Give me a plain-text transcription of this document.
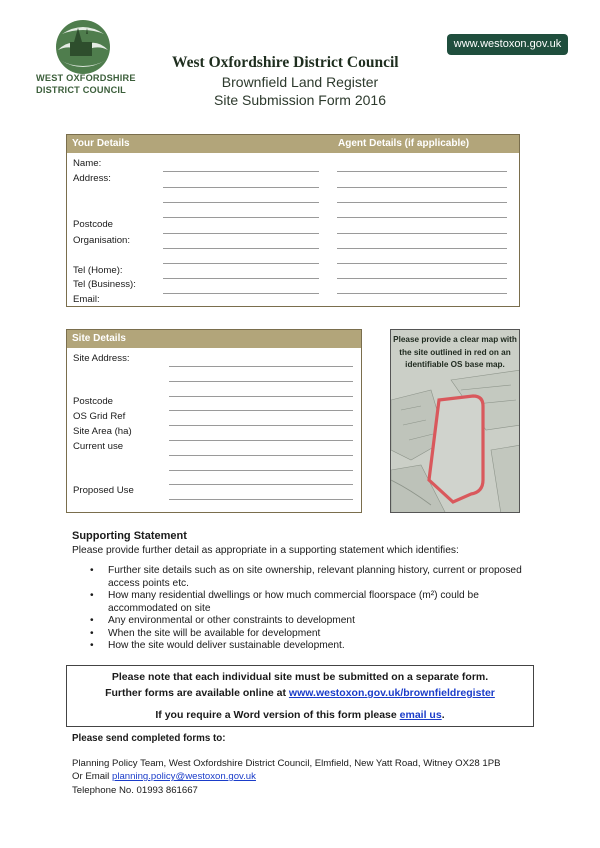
WEST OXFORDSHIRE
DISTRICT COUNCIL
www.westoxon.gov.uk
West Oxfordshire District Council
Brownfield Land Register
Site Submission Form 2016
Your Details	Agent Details (if applicable)
Name:
Address:
Postcode
Organisation:
Tel (Home):
Tel (Business):
Email:
Site Details
Site Address:
Postcode
OS Grid Ref
Site Area (ha)
Current use
Proposed Use
Please provide a clear map with the site outlined in red on an identifiable OS base map.
Supporting Statement
Please provide further detail as appropriate in a supporting statement which identifies:
• Further site details such as on site ownership, relevant planning history, current or proposed access points etc.
• How many residential dwellings or how much commercial floorspace (m²) could be accommodated on site
• Any environmental or other constraints to development
• When the site will be available for development
• How the site would deliver sustainable development.
Please note that each individual site must be submitted on a separate form.
Further forms are available online at www.westoxon.gov.uk/brownfieldregister
If you require a Word version of this form please email us.
Please send completed forms to:
Planning Policy Team, West Oxfordshire District Council, Elmfield, New Yatt Road, Witney OX28 1PB
Or Email planning.policy@westoxon.gov.uk
Telephone No. 01993 861667
